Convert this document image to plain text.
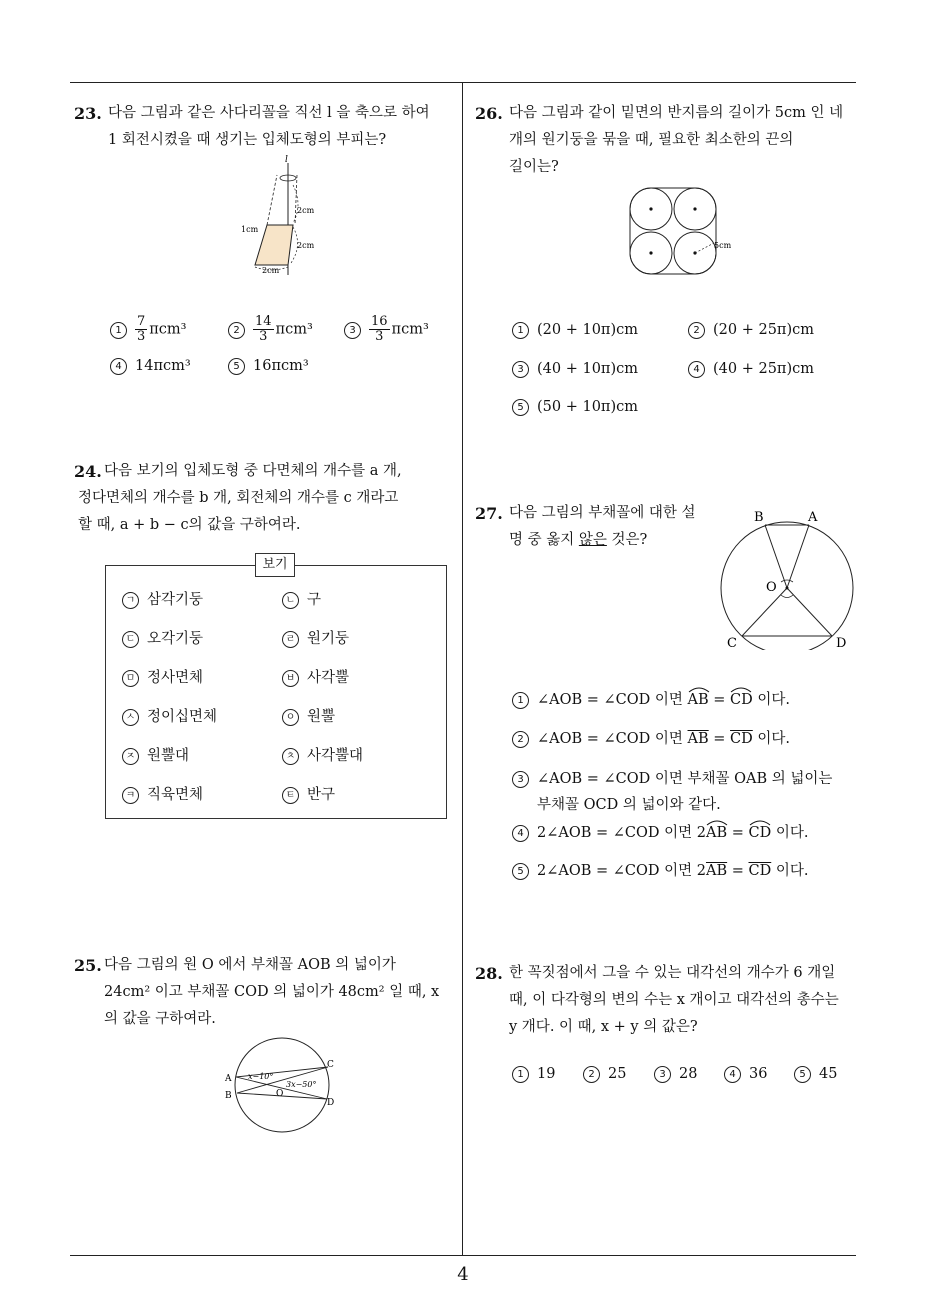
23. 다음 그림과 같은 사다리꼴을 직선 l 을 축으로 하여
1 회전시켰을 때 생기는 입체도형의 부피는?
l
2cm
2cm
1cm
2cm
$1 \frac{7}{3} \pi cm^3$	$2 \frac{14}{3} \pi cm^3$	$3 \frac{16}{3} \pi cm^3$
4 14πcm³	5 16πcm³
24. 다음 보기의 입체도형 중 다면체의 개수를 a 개,
정다면체의 개수를 b 개, 회전체의 개수를 c 개라고
할 때, a + b − c의 값을 구하여라.
보기
ㄱ 삼각기둥	ㄴ 구
ㄷ 오각기둥	ㄹ 원기둥
ㅁ 정사면체	ㅂ 사각뿔
ㅅ 정이십면체	ㅇ 원뿔
ㅈ 원뿔대	ㅊ 사각뿔대
ㅋ 직육면체	ㅌ 반구
25. 다음 그림의 원 O 에서 부채꼴 AOB 의 넓이가
24cm² 이고 부채꼴 COD 의 넓이가 48cm² 일 때, x
의 값을 구하여라.
A
B
C
D
O
x−10°
3x−50°
26. 다음 그림과 같이 밑면의 반지름의 길이가 5cm 인 네
개의 원기둥을 묶을 때, 필요한 최소한의 끈의
길이는?
5cm
1 (20 + 10π)cm	2 (20 + 25π)cm
3 (40 + 10π)cm	4 (40 + 25π)cm
5 (50 + 10π)cm
27. 다음 그림의 부채꼴에 대한 설
명 중 옳지 않은 것은?
B	A
C	D
O
1 ∠AOB = ∠COD 이면
AB =
CD 이다.
2 ∠AOB = ∠COD 이면 $\overline{AB} = \overline{CD}$ 이다.
3 ∠AOB = ∠COD 이면 부채꼴 OAB 의 넓이는
부채꼴 OCD 의 넓이와 같다.
4 2∠AOB = ∠COD 이면 2
AB =
CD 이다.
5 2∠AOB = ∠COD 이면 $2\overline{AB} = \overline{CD}$ 이다.
28. 한 꼭짓점에서 그을 수 있는 대각선의 개수가 6 개일
때, 이 다각형의 변의 수는 x 개이고 대각선의 총수는
y 개다. 이 때, x + y 의 값은?
1 19	2 25	3 28	4 36	5 45
4
